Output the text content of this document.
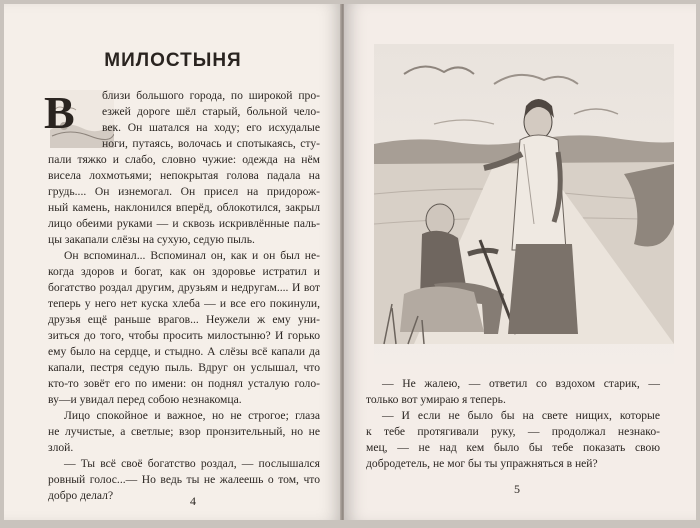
МИЛОСТЫНЯ
В близи большого города, по широкой про-
езжей дороге шёл старый, больной чело-
век. Он шатался на ходу; его исхудалые
ноги, путаясь, волочась и спотыкаясь, сту-
пали тяжко и слабо, словно чужие: одежда на нём
висела лохмотьями; непокрытая голова падала на
грудь.... Он изнемогал. Он присел на придорож-
ный камень, наклонился вперёд, облокотился, закрыл
лицо обеими руками — и сквозь искривлённые паль-
цы закапали слёзы на сухую, седую пыль.
Он вспоминал... Вспоминал он, как и он был не-
когда здоров и богат, как он здоровье истратил и
богатство роздал другим, друзьям и недругам.... И вот
теперь у него нет куска хлеба — и все его покинули,
друзья ещё раньше врагов... Неужели ж ему уни-
зиться до того, чтобы просить милостыню? И горько
ему было на сердце, и стыдно. А слёзы всё капали да
капали, пестря седую пыль. Вдруг он услышал, что
кто-то зовёт его по имени: он поднял усталую голо-
ву—и увидал перед собою незнакомца.
Лицо спокойное и важное, но не строгое; глаза
не лучистые, а светлые; взор пронзительный, но не
злой.
— Ты всё своё богатство роздал, — послышался
ровный голос...— Но ведь ты не жалеешь о том, что
добро делал?	4
— Не жалею, — ответил со вздохом старик, —
только вот умираю я теперь.
— И если не было бы на свете нищих, которые
к тебе протягивали руку, — продолжал незнако-
мец, — не над кем было бы тебе показать свою
добродетель, не мог бы ты упражняться в ней?
5
